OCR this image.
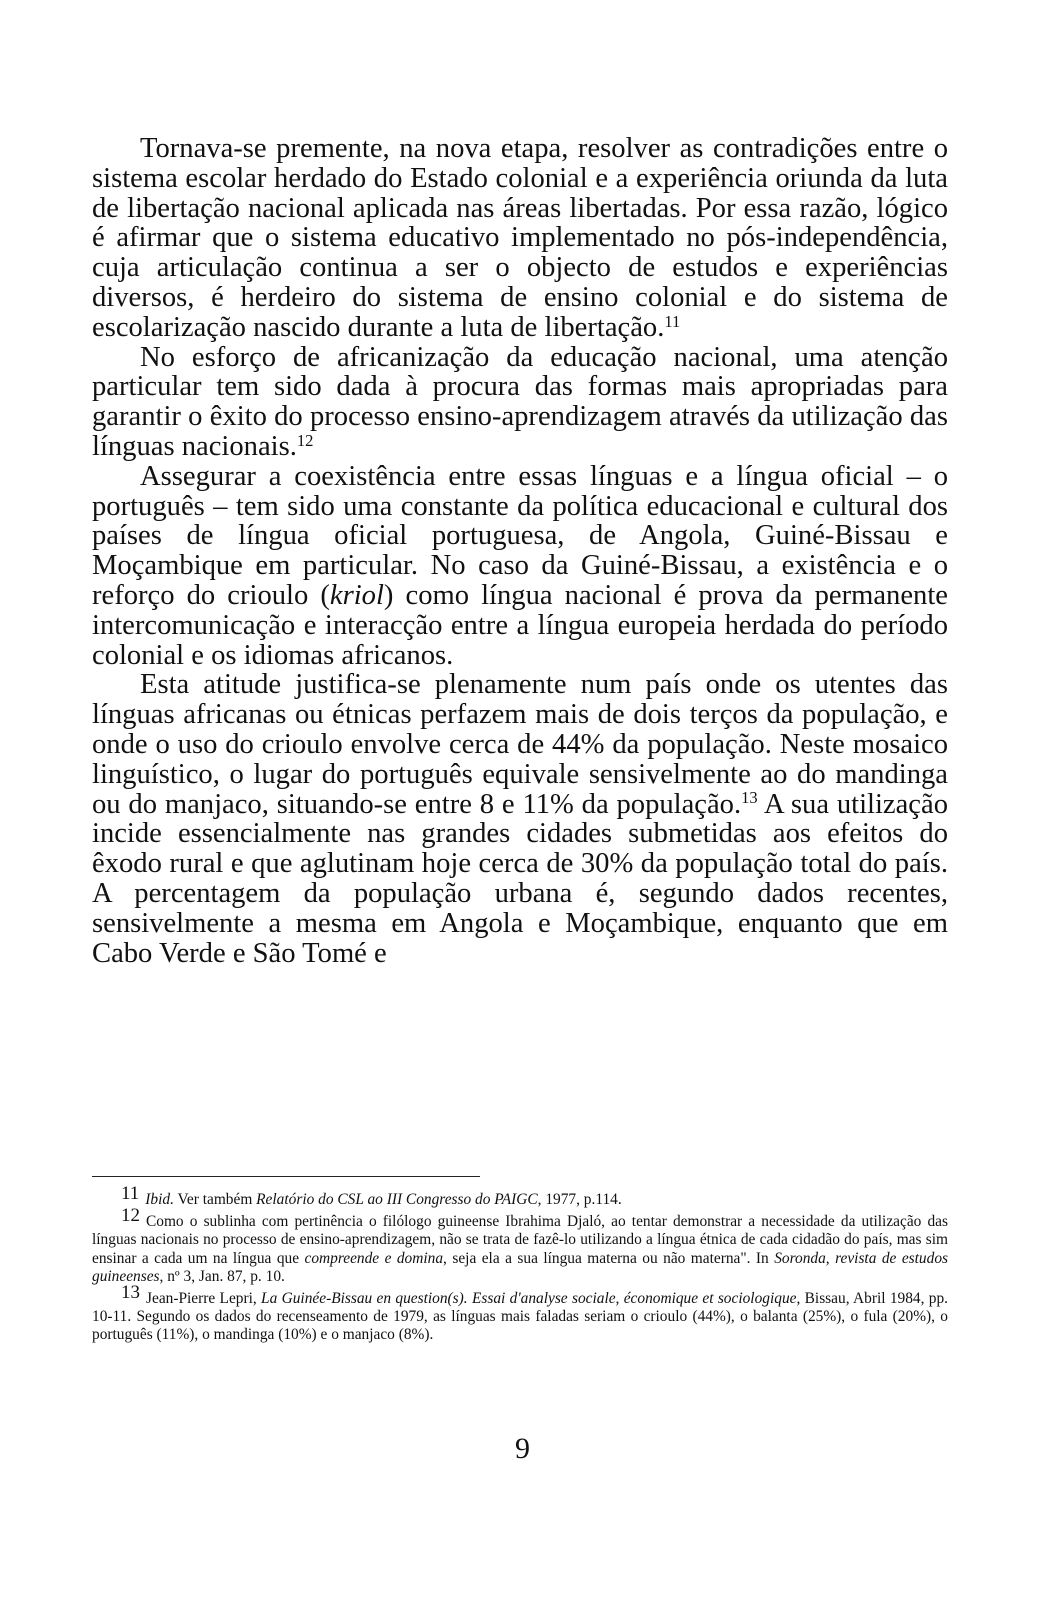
Tornava-se premente, na nova etapa, resolver as contradições entre o sistema escolar herdado do Estado colonial e a experiência oriunda da luta de libertação nacional aplicada nas áreas libertadas. Por essa razão, lógico é afirmar que o sistema educativo implementado no pós-independência, cuja articulação continua a ser o objecto de estudos e experiências diversos, é herdeiro do sistema de ensino colonial e do sistema de escolarização nascido durante a luta de libertação.$^{11}$

No esforço de africanização da educação nacional, uma atenção particular tem sido dada à procura das formas mais apropriadas para garantir o êxito do processo ensino-aprendizagem através da utilização das línguas nacionais.$^{12}$

Assegurar a coexistência entre essas línguas e a língua oficial – o português – tem sido uma constante da política educacional e cultural dos países de língua oficial portuguesa, de Angola, Guiné-Bissau e Moçambique em particular. No caso da Guiné-Bissau, a existência e o reforço do crioulo (kriol) como língua nacional é prova da permanente intercomunicação e interacção entre a língua europeia herdada do período colonial e os idiomas africanos.

Esta atitude justifica-se plenamente num país onde os utentes das línguas africanas ou étnicas perfazem mais de dois terços da população, e onde o uso do crioulo envolve cerca de 44% da população. Neste mosaico linguístico, o lugar do português equivale sensivelmente ao do mandinga ou do manjaco, situando-se entre 8 e 11% da população.$^{13}$ A sua utilização incide essencialmente nas grandes cidades submetidas aos efeitos do êxodo rural e que aglutinam hoje cerca de 30% da população total do país. A percentagem da população urbana é, segundo dados recentes, sensivelmente a mesma em Angola e Moçambique, enquanto que em Cabo Verde e São Tomé e

11 Ibid. Ver também Relatório do CSL ao III Congresso do PAIGC, 1977, p.114.

12 Como o sublinha com pertinência o filólogo guineense Ibrahima Djaló, ao tentar demonstrar a necessidade da utilização das línguas nacionais no processo de ensino-aprendizagem, não se trata de fazê-lo utilizando a língua étnica de cada cidadão do país, mas sim ensinar a cada um na língua que compreende e domina, seja ela a sua língua materna ou não materna". In Soronda, revista de estudos guineenses, nº 3, Jan. 87, p. 10.

13 Jean-Pierre Lepri, La Guinée-Bissau en question(s). Essai d'analyse sociale, économique et sociologique, Bissau, Abril 1984, pp. 10-11. Segundo os dados do recenseamento de 1979, as línguas mais faladas seriam o crioulo (44%), o balanta (25%), o fula (20%), o português (11%), o mandinga (10%) e o manjaco (8%).

9
